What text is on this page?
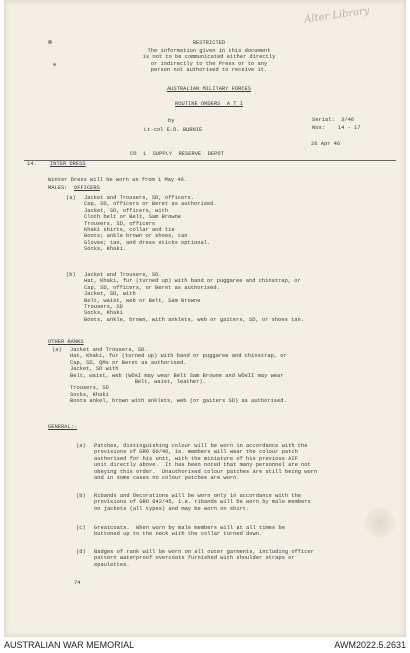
Alter Library
RESTRICTED
The information given in this document
is not to be communicated either directly
or indirectly to the Press or to any
person not authorised to receive it.
AUSTRALIAN MILITARY FORCES
ROUTINE ORDERS  A T I
by	Serial:  3/46
Lt-col E.D. BURNIE	Nos:    14 - 17
26 Apr 46
CO  1  SUPPLY  RESERVE  DEPOT
14. INTER DRESS
Winter Dress will be worn as from 1 May 46.
MALES: OFFICERS
(a) Jacket and Trousers, SD, officers.
Cap, SD, officers or Beret as authorised.
Jacket, SD, officers, with
Cloth belt or Belt, Sam Browne
Trousers, SD, officers
Khaki shirts, collar and tie
Boots; ankle brown or shoes, tan
Gloves; tan, and dress sticks optional.
Socks, Khaki.
(b) Jacket and Trousers, SD.
Hat, Khaki, fur (turned up) with band or puggaree and chinstrap, or
Cap, SD, officers, or Beret as authorised.
Jacket, SD, with
Belt, waist, web or Belt, Sam Browne
Trousers, SD
Socks, Khaki
Boots, ankle, brown, with anklets, web or gaiters, SD, or shoes tan.
OTHER RANKS
(a) Jacket and Trousers, SD.
Hat, Khaki, fur (turned up) with band or puggaree and chinstrap, or
Cap, SD, QMs or Beret as authorised.
Jacket, SD with
Belt, waist, web (WOsI may wear Belt Sam Browne and WOsII may wear
Belt, waist, leather).
Trousers, SD
Socks, Khaki
Boots ankel, brown with anklets, web (or gaiters SD) as authorised.
GENERAL:-
(a) Patches, distinguishing colour will be worn in accordance with the
provisions of GRO 60/46, ie. members will wear the colour patch
authorised for his unit, with the miniature of his previous AIF
unit directly above.  It has been noted that many personnel are not
obeying this order.  Unauthorised colour patches are still being worn
and in some cases no colour patches are worn.
(b) Ribands and Decorations will be worn only in accordance with the
provisions of GRO 042/45, i.e. ribands will be worn by male members
on jackets (all types) and may be worn on shirt.
(c) Greatcoats.  When worn by male members will at all times be
buttoned up to the neck with the collar turned down.
(d) Badges of rank will be worn on all outer garments, including officer
pattern waterproof overcoats furnished with shoulder straps or
epaulettes.
74
AUSTRALIAN WAR MEMORIAL	AWM2022.5.2631
